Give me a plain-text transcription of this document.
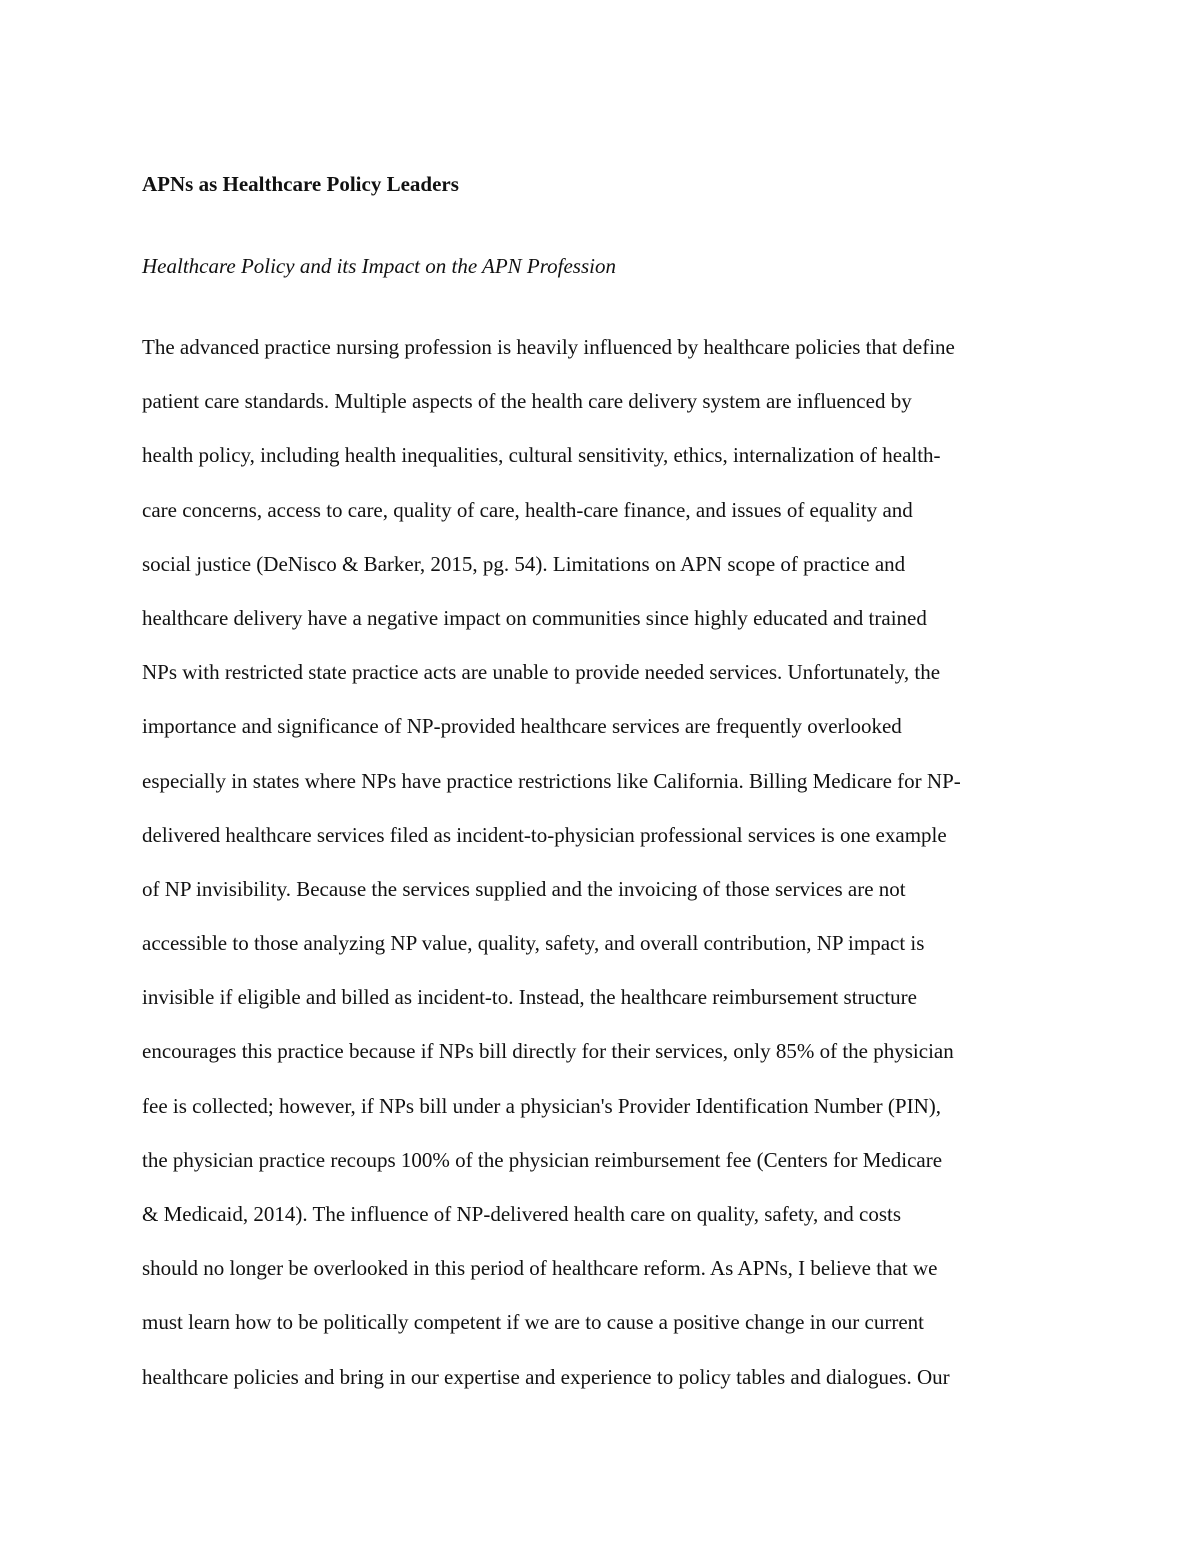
APNs as Healthcare Policy Leaders
Healthcare Policy and its Impact on the APN Profession
The advanced practice nursing profession is heavily influenced by healthcare policies that define
patient care standards. Multiple aspects of the health care delivery system are influenced by
health policy, including health inequalities, cultural sensitivity, ethics, internalization of health-
care concerns, access to care, quality of care, health-care finance, and issues of equality and
social justice (DeNisco & Barker, 2015, pg. 54). Limitations on APN scope of practice and
healthcare delivery have a negative impact on communities since highly educated and trained
NPs with restricted state practice acts are unable to provide needed services. Unfortunately, the
importance and significance of NP-provided healthcare services are frequently overlooked
especially in states where NPs have practice restrictions like California. Billing Medicare for NP-
delivered healthcare services filed as incident-to-physician professional services is one example
of NP invisibility. Because the services supplied and the invoicing of those services are not
accessible to those analyzing NP value, quality, safety, and overall contribution, NP impact is
invisible if eligible and billed as incident-to. Instead, the healthcare reimbursement structure
encourages this practice because if NPs bill directly for their services, only 85% of the physician
fee is collected; however, if NPs bill under a physician's Provider Identification Number (PIN),
the physician practice recoups 100% of the physician reimbursement fee (Centers for Medicare
& Medicaid, 2014). The influence of NP-delivered health care on quality, safety, and costs
should no longer be overlooked in this period of healthcare reform. As APNs, I believe that we
must learn how to be politically competent if we are to cause a positive change in our current
healthcare policies and bring in our expertise and experience to policy tables and dialogues. Our
